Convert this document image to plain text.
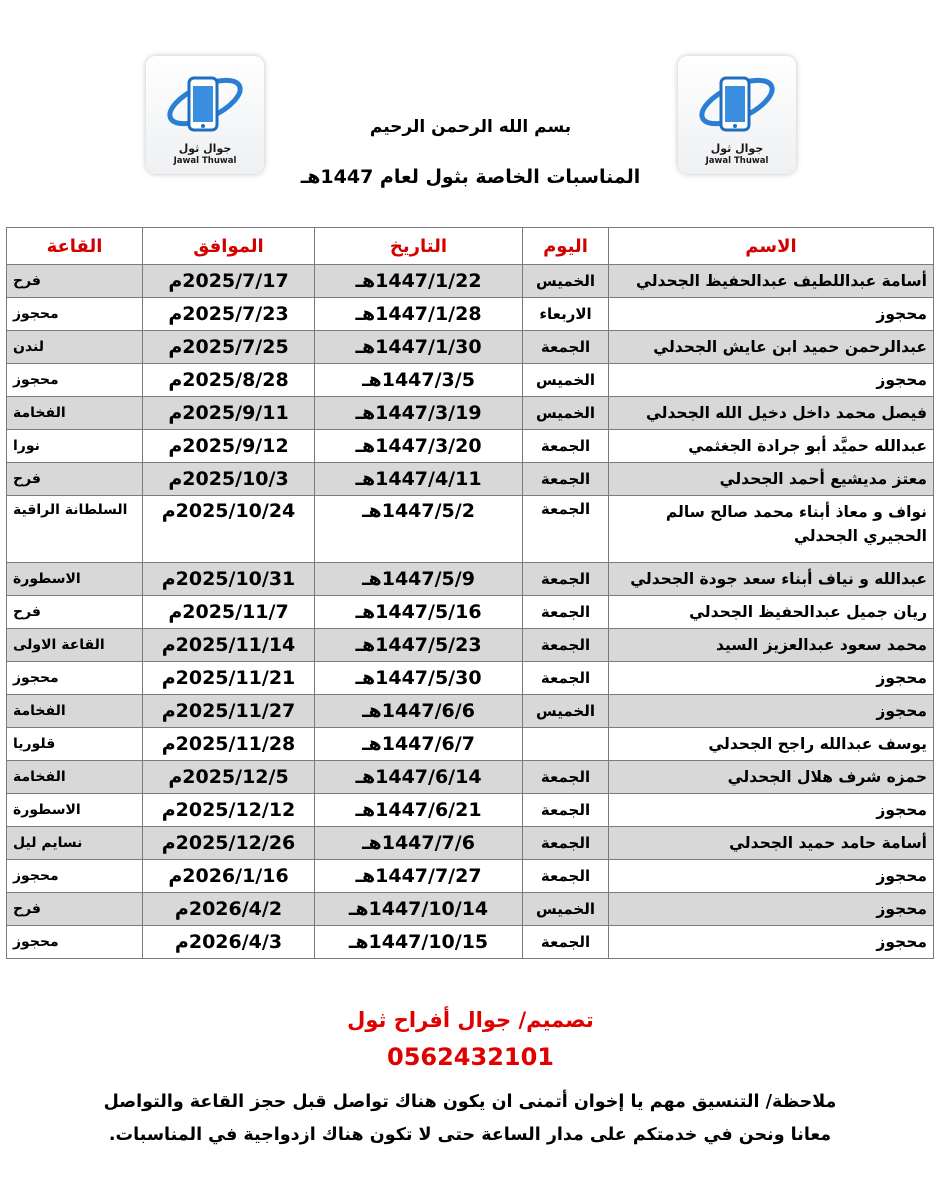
جوال ثول
Jawal Thuwal
جوال ثول
Jawal Thuwal
بسم الله الرحمن الرحيم
المناسبات الخاصة بثول لعام 1447هـ
الاسم	اليوم	التاريخ	الموافق	القاعة
أسامة عبداللطيف عبدالحفيظ الجحدلي	الخميس	1447/1/22هـ	2025/7/17م	فرح
محجوز	الاربعاء	1447/1/28هـ	2025/7/23م	محجوز
عبدالرحمن حميد ابن عايش الجحدلي	الجمعة	1447/1/30هـ	2025/7/25م	لندن
محجوز	الخميس	1447/3/5هـ	2025/8/28م	محجوز
فيصل محمد داخل دخيل الله الجحدلي	الخميس	1447/3/19هـ	2025/9/11م	الفخامة
عبدالله حميَّد أبو جرادة الجغثمي	الجمعة	1447/3/20هـ	2025/9/12م	نورا
معتز مديشيع أحمد الجحدلي	الجمعة	1447/4/11هـ	2025/10/3م	فرح
نواف و معاذ أبناء محمد صالح سالم الحجيري الجحدلي	الجمعة	1447/5/2هـ	2025/10/24م	السلطانة الراقية
عبدالله و نياف أبناء سعد جودة الجحدلي	الجمعة	1447/5/9هـ	2025/10/31م	الاسطورة
ريان جميل عبدالحفيظ الجحدلي	الجمعة	1447/5/16هـ	2025/11/7م	فرح
محمد سعود عبدالعزيز السيد	الجمعة	1447/5/23هـ	2025/11/14م	القاعة الاولى
محجوز	الجمعة	1447/5/30هـ	2025/11/21م	محجوز
محجوز	الخميس	1447/6/6هـ	2025/11/27م	الفخامة
يوسف عبدالله راجح الجحدلي		1447/6/7هـ	2025/11/28م	قلوريا
حمزه شرف هلال الجحدلي	الجمعة	1447/6/14هـ	2025/12/5م	الفخامة
محجوز	الجمعة	1447/6/21هـ	2025/12/12م	الاسطورة
أسامة حامد حميد الجحدلي	الجمعة	1447/7/6هـ	2025/12/26م	نسايم ليل
محجوز	الجمعة	1447/7/27هـ	2026/1/16م	محجوز
محجوز	الخميس	1447/10/14هـ	2026/4/2م	فرح
محجوز	الجمعة	1447/10/15هـ	2026/4/3م	محجوز
تصميم/ جوال أفراح ثول
0562432101
ملاحظة/ التنسيق مهم يا إخوان أتمنى ان يكون هناك تواصل قبل حجز القاعة والتواصل معانا ونحن في خدمتكم على مدار الساعة حتى لا تكون هناك ازدواجية في المناسبات.
